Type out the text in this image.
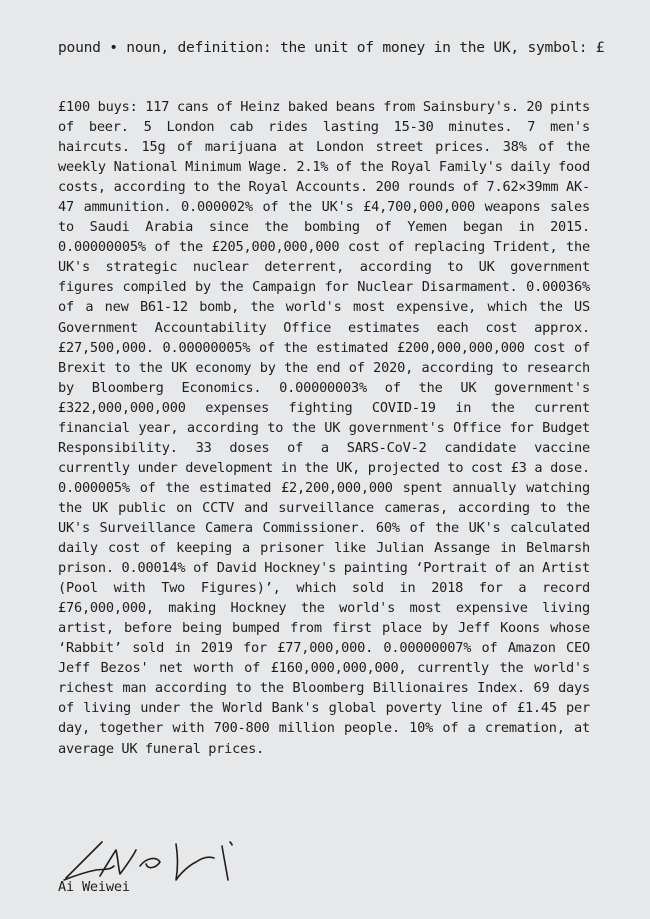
pound • noun, definition: the unit of money in the UK, symbol: £

£100 buys: 117 cans of Heinz baked beans from Sainsbury's. 20 pints of beer. 5 London cab rides lasting 15-30 minutes. 7 men's haircuts. 15g of marijuana at London street prices. 38% of the weekly National Minimum Wage. 2.1% of the Royal Family's daily food costs, according to the Royal Accounts. 200 rounds of 7.62×39mm AK-47 ammunition. 0.000002% of the UK's £4,700,000,000 weapons sales to Saudi Arabia since the bombing of Yemen began in 2015. 0.00000005% of the £205,000,000,000 cost of replacing Trident, the UK's strategic nuclear deterrent, according to UK government figures compiled by the Campaign for Nuclear Disarmament. 0.00036% of a new B61-12 bomb, the world's most expensive, which the US Government Accountability Office estimates each cost approx. £27,500,000. 0.00000005% of the estimated £200,000,000,000 cost of Brexit to the UK economy by the end of 2020, according to research by Bloomberg Economics. 0.00000003% of the UK government's £322,000,000,000 expenses fighting COVID-19 in the current financial year, according to the UK government's Office for Budget Responsibility. 33 doses of a SARS-CoV-2 candidate vaccine currently under development in the UK, projected to cost £3 a dose. 0.000005% of the estimated £2,200,000,000 spent annually watching the UK public on CCTV and surveillance cameras, according to the UK's Surveillance Camera Commissioner. 60% of the UK's calculated daily cost of keeping a prisoner like Julian Assange in Belmarsh prison. 0.00014% of David Hockney's painting ‘Portrait of an Artist (Pool with Two Figures)’, which sold in 2018 for a record £76,000,000, making Hockney the world's most expensive living artist, before being bumped from first place by Jeff Koons whose ‘Rabbit’ sold in 2019 for £77,000,000. 0.00000007% of Amazon CEO Jeff Bezos' net worth of £160,000,000,000, currently the world's richest man according to the Bloomberg Billionaires Index. 69 days of living under the World Bank's global poverty line of £1.45 per day, together with 700-800 million people. 10% of a cremation, at average UK funeral prices.

Ai Weiwei
